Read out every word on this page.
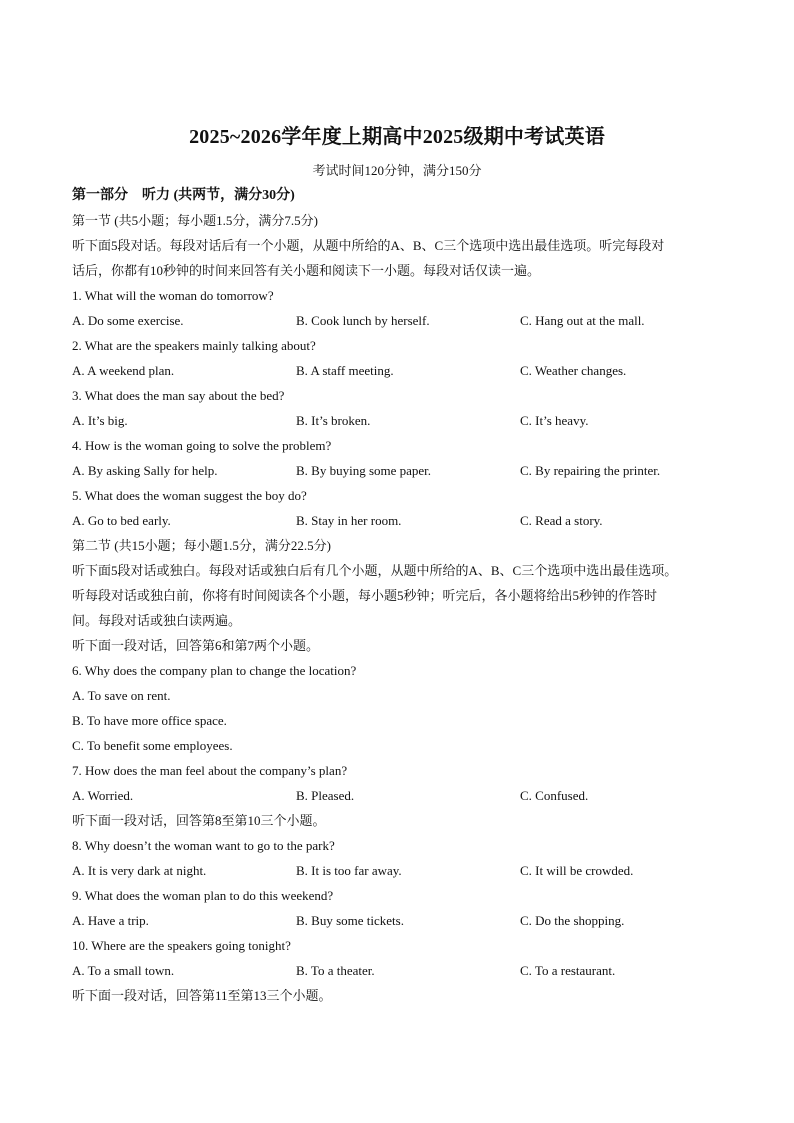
2025~2026学年度上期高中2025级期中考试英语
考试时间120分钟，满分150分
第一部分　听力 (共两节，满分30分)
第一节 (共5小题；每小题1.5分，满分7.5分)
听下面5段对话。每段对话后有一个小题，从题中所给的A、B、C三个选项中选出最佳选项。听完每段对
话后，你都有10秒钟的时间来回答有关小题和阅读下一小题。每段对话仅读一遍。
1. What will the woman do tomorrow?
A. Do some exercise.	B. Cook lunch by herself.	C. Hang out at the mall.
2. What are the speakers mainly talking about?
A. A weekend plan.	B. A staff meeting.	C. Weather changes.
3. What does the man say about the bed?
A. It’s big.	B. It’s broken.	C. It’s heavy.
4. How is the woman going to solve the problem?
A. By asking Sally for help.	B. By buying some paper.	C. By repairing the printer.
5. What does the woman suggest the boy do?
A. Go to bed early.	B. Stay in her room.	C. Read a story.
第二节 (共15小题；每小题1.5分，满分22.5分)
听下面5段对话或独白。每段对话或独白后有几个小题，从题中所给的A、B、C三个选项中选出最佳选项。
听每段对话或独白前，你将有时间阅读各个小题，每小题5秒钟；听完后，各小题将给出5秒钟的作答时
间。每段对话或独白读两遍。
听下面一段对话，回答第6和第7两个小题。
6. Why does the company plan to change the location?
A. To save on rent.
B. To have more office space.
C. To benefit some employees.
7. How does the man feel about the company’s plan?
A. Worried.	B. Pleased.	C. Confused.
听下面一段对话，回答第8至第10三个小题。
8. Why doesn’t the woman want to go to the park?
A. It is very dark at night.	B. It is too far away.	C. It will be crowded.
9. What does the woman plan to do this weekend?
A. Have a trip.	B. Buy some tickets.	C. Do the shopping.
10. Where are the speakers going tonight?
A. To a small town.	B. To a theater.	C. To a restaurant.
听下面一段对话，回答第11至第13三个小题。
